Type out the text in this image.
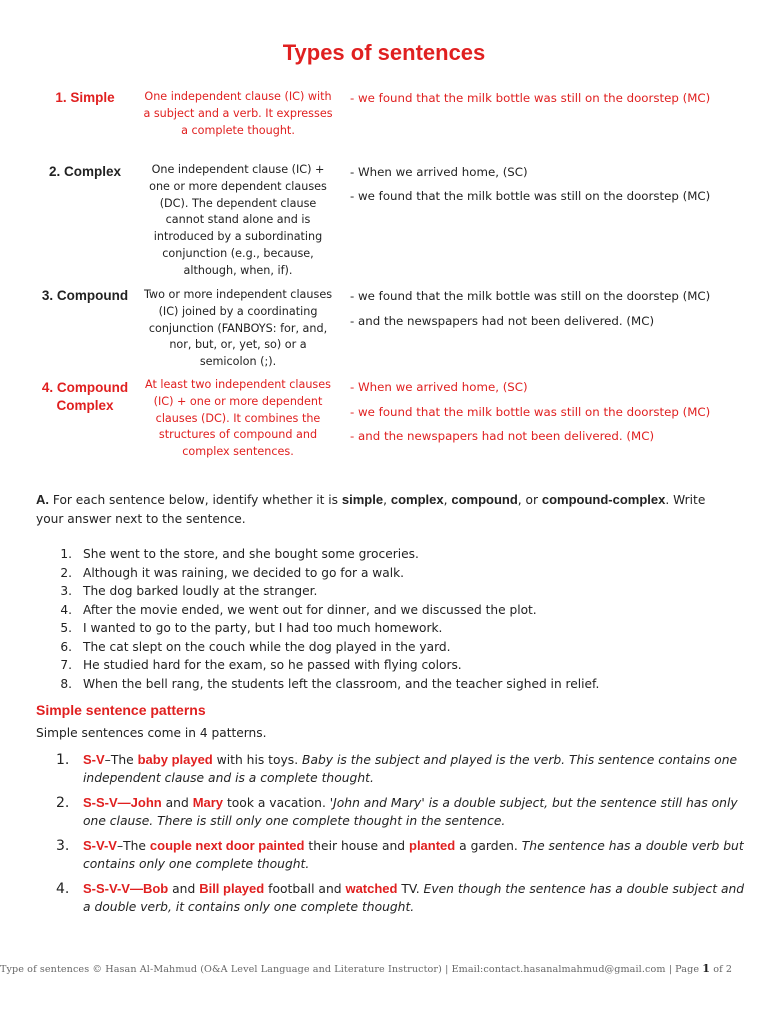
Types of sentences
1. Simple	One independent clause (IC) with a subject and a verb. It expresses a complete thought.
- we found that the milk bottle was still on the doorstep (MC)
2. Complex	One independent clause (IC) + one or more dependent clauses (DC). The dependent clause cannot stand alone and is introduced by a subordinating conjunction (e.g., because, although, when, if).
- When we arrived home, (SC)
- we found that the milk bottle was still on the doorstep (MC)
3. Compound	Two or more independent clauses (IC) joined by a coordinating conjunction (FANBOYS: for, and, nor, but, or, yet, so) or a semicolon (;).
- we found that the milk bottle was still on the doorstep (MC)
- and the newspapers had not been delivered. (MC)
4. Compound Complex
At least two independent clauses (IC) + one or more dependent clauses (DC). It combines the structures of compound and complex sentences.
- When we arrived home, (SC)
- we found that the milk bottle was still on the doorstep (MC)
- and the newspapers had not been delivered. (MC)
A. For each sentence below, identify whether it is simple, complex, compound, or compound-complex. Write your answer next to the sentence.
1. She went to the store, and she bought some groceries.
2. Although it was raining, we decided to go for a walk.
3. The dog barked loudly at the stranger.
4. After the movie ended, we went out for dinner, and we discussed the plot.
5. I wanted to go to the party, but I had too much homework.
6. The cat slept on the couch while the dog played in the yard.
7. He studied hard for the exam, so he passed with flying colors.
8. When the bell rang, the students left the classroom, and the teacher sighed in relief.
Simple sentence patterns
Simple sentences come in 4 patterns.
1. S-V–The baby played with his toys. Baby is the subject and played is the verb. This sentence contains one independent clause and is a complete thought.
2. S-S-V—John and Mary took a vacation. 'John and Mary' is a double subject, but the sentence still has only one clause. There is still only one complete thought in the sentence.
3. S-V-V–The couple next door painted their house and planted a garden. The sentence has a double verb but contains only one complete thought.
4. S-S-V-V—Bob and Bill played football and watched TV. Even though the sentence has a double subject and a double verb, it contains only one complete thought.
Type of sentences © Hasan Al-Mahmud (O&A Level Language and Literature Instructor) | Email:contact.hasanalmahmud@gmail.com | Page 1 of 2
